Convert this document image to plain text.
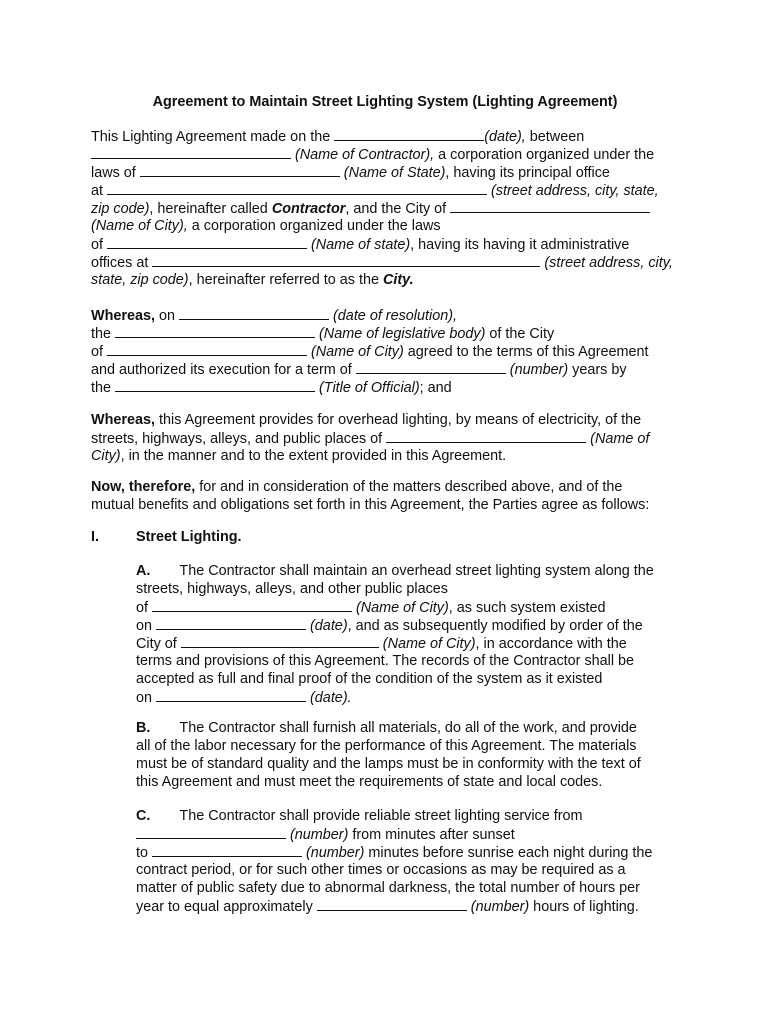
Agreement to Maintain Street Lighting System (Lighting Agreement)
This Lighting Agreement made on the	(date), between
(Name of Contractor), a corporation organized under the
laws of	(Name of State), having its principal office
at	(street address, city, state,
zip code), hereinafter called Contractor, and the City of
(Name of City), a corporation organized under the laws
of	(Name of state), having its having it administrative
offices at	(street address, city,
state, zip code), hereinafter referred to as the City.
Whereas, on	(date of resolution),
the	(Name of legislative body) of the City
of	(Name of City) agreed to the terms of this Agreement
and authorized its execution for a term of	(number) years by
the	(Title of Official); and
Whereas, this Agreement provides for overhead lighting, by means of electricity, of the
streets, highways, alleys, and public places of	(Name of
City), in the manner and to the extent provided in this Agreement.
Now, therefore, for and in consideration of the matters described above, and of the
mutual benefits and obligations set forth in this Agreement, the Parties agree as follows:
I.	Street Lighting.
A. The Contractor shall maintain an overhead street lighting system along the
streets, highways, alleys, and other public places
of	(Name of City), as such system existed
on	(date), and as subsequently modified by order of the
City of	(Name of City), in accordance with the
terms and provisions of this Agreement. The records of the Contractor shall be
accepted as full and final proof of the condition of the system as it existed
on	(date).
B. The Contractor shall furnish all materials, do all of the work, and provide
all of the labor necessary for the performance of this Agreement. The materials
must be of standard quality and the lamps must be in conformity with the text of
this Agreement and must meet the requirements of state and local codes.
C. The Contractor shall provide reliable street lighting service from
(number) from minutes after sunset
to	(number) minutes before sunrise each night during the
contract period, or for such other times or occasions as may be required as a
matter of public safety due to abnormal darkness, the total number of hours per
year to equal approximately	(number) hours of lighting.
